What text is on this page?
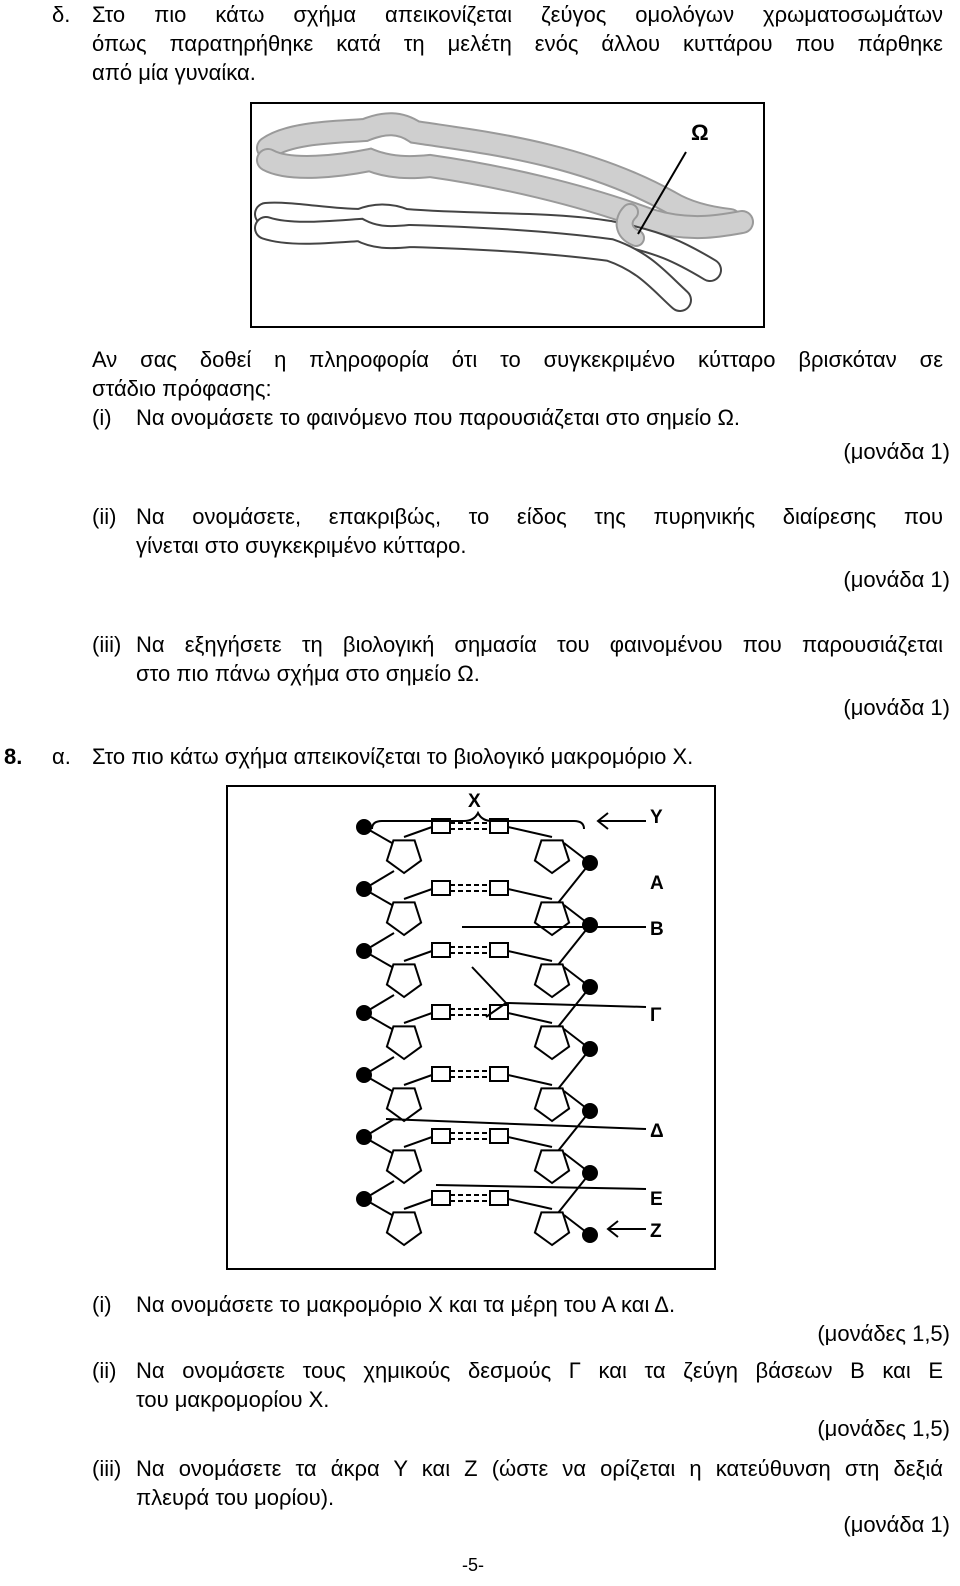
δ. Στο πιο κάτω σχήμα απεικονίζεται ζεύγος ομολόγων χρωματοσωμάτων
όπως παρατηρήθηκε κατά τη μελέτη ενός άλλου κυττάρου που πάρθηκε
από μία γυναίκα.
Ω
Αν σας δοθεί η πληροφορία ότι το συγκεκριμένο κύτταρο βρισκόταν σε
στάδιο πρόφασης:
(i) Να ονομάσετε το φαινόμενο που παρουσιάζεται στο σημείο Ω.
(μονάδα 1)
(ii) Να ονομάσετε, επακριβώς, το είδος της πυρηνικής διαίρεσης που
γίνεται στο συγκεκριμένο κύτταρο.
(μονάδα 1)
(iii) Να εξηγήσετε τη βιολογική σημασία του φαινομένου που παρουσιάζεται
στο πιο πάνω σχήμα στο σημείο Ω.
(μονάδα 1)
8. α. Στο πιο κάτω σχήμα απεικονίζεται το βιολογικό μακρομόριο Χ.
X
Υ
Α
Β
Γ
Δ
Ε
Ζ
(i) Να ονομάσετε το μακρομόριο Χ και τα μέρη του Α και Δ.
(μονάδες 1,5)
(ii) Να ονομάσετε τους χημικούς δεσμούς Γ και τα ζεύγη βάσεων Β και Ε
του μακρομορίου Χ.
(μονάδες 1,5)
(iii) Να ονομάσετε τα άκρα Υ και Ζ (ώστε να ορίζεται η κατεύθυνση στη δεξιά
πλευρά του μορίου).
(μονάδα 1)
-5-
